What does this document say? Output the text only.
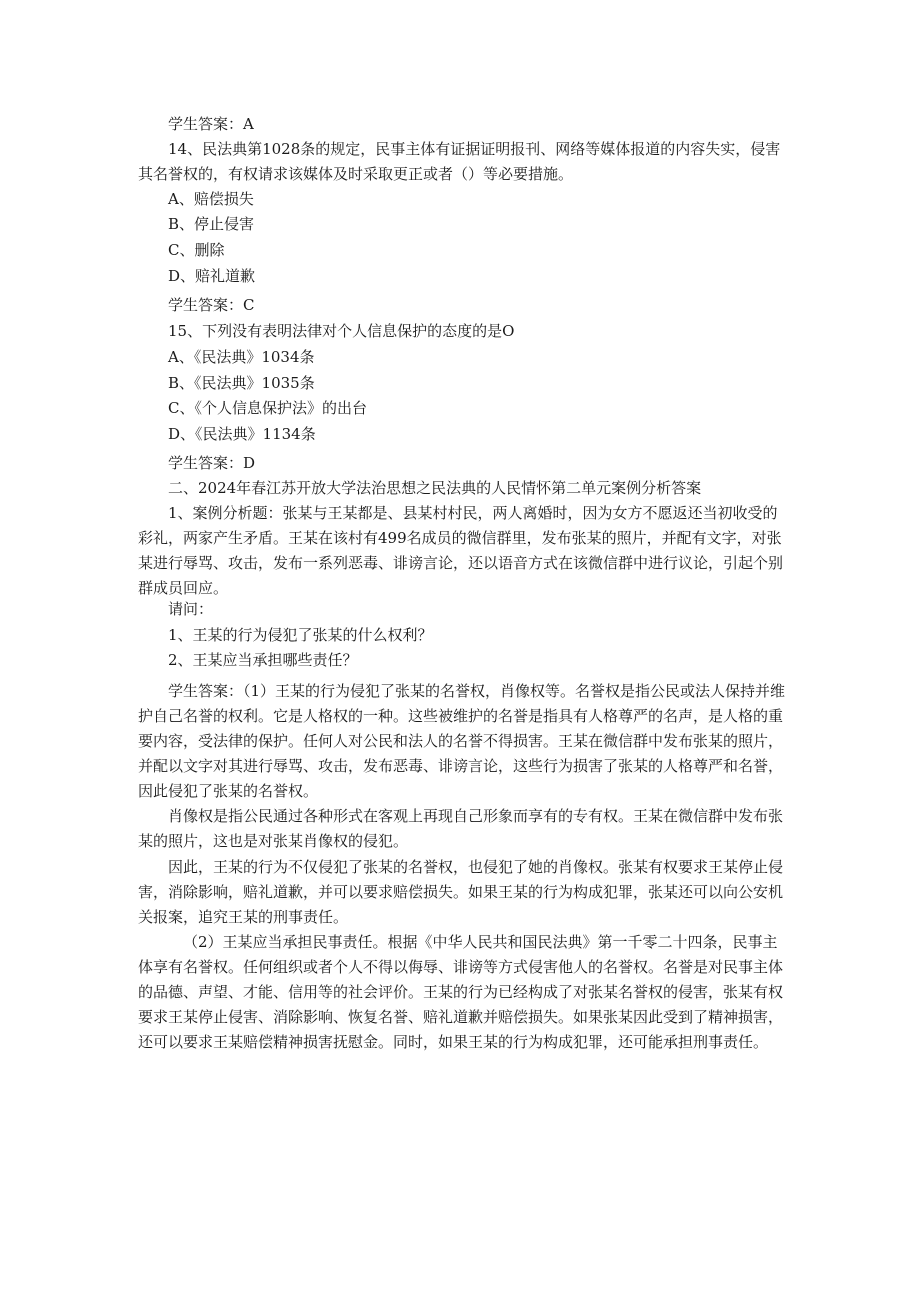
学生答案：A

14、民法典第1028条的规定，民事主体有证据证明报刊、网络等媒体报道的内容失实，侵害其名誉权的，有权请求该媒体及时采取更正或者（）等必要措施。

A、赔偿损失

B、停止侵害

C、删除

D、赔礼道歉

学生答案：C

15、下列没有表明法律对个人信息保护的态度的是O

A、《民法典》1034条

B、《民法典》1035条

C、《个人信息保护法》的出台

D、《民法典》1134条

学生答案：D

二、2024年春江苏开放大学法治思想之民法典的人民情怀第二单元案例分析答案

1、案例分析题：张某与王某都是、县某村村民，两人离婚时，因为女方不愿返还当初收受的彩礼，两家产生矛盾。王某在该村有499名成员的微信群里，发布张某的照片，并配有文字，对张某进行辱骂、攻击，发布一系列恶毒、诽谤言论，还以语音方式在该微信群中进行议论，引起个别群成员回应。

请问：

1、王某的行为侵犯了张某的什么权利？

2、王某应当承担哪些责任？

学生答案：（1）王某的行为侵犯了张某的名誉权，肖像权等。名誉权是指公民或法人保持并维护自己名誉的权利。它是人格权的一种。这些被维护的名誉是指具有人格尊严的名声，是人格的重要内容，受法律的保护。任何人对公民和法人的名誉不得损害。王某在微信群中发布张某的照片，并配以文字对其进行辱骂、攻击，发布恶毒、诽谤言论，这些行为损害了张某的人格尊严和名誉，因此侵犯了张某的名誉权。

肖像权是指公民通过各种形式在客观上再现自己形象而享有的专有权。王某在微信群中发布张某的照片，这也是对张某肖像权的侵犯。

因此，王某的行为不仅侵犯了张某的名誉权，也侵犯了她的肖像权。张某有权要求王某停止侵害，消除影响，赔礼道歉，并可以要求赔偿损失。如果王某的行为构成犯罪，张某还可以向公安机关报案，追究王某的刑事责任。

（2）王某应当承担民事责任。根据《中华人民共和国民法典》第一千零二十四条，民事主体享有名誉权。任何组织或者个人不得以侮辱、诽谤等方式侵害他人的名誉权。名誉是对民事主体的品德、声望、才能、信用等的社会评价。王某的行为已经构成了对张某名誉权的侵害，张某有权要求王某停止侵害、消除影响、恢复名誉、赔礼道歉并赔偿损失。如果张某因此受到了精神损害，还可以要求王某赔偿精神损害抚慰金。同时，如果王某的行为构成犯罪，还可能承担刑事责任。
